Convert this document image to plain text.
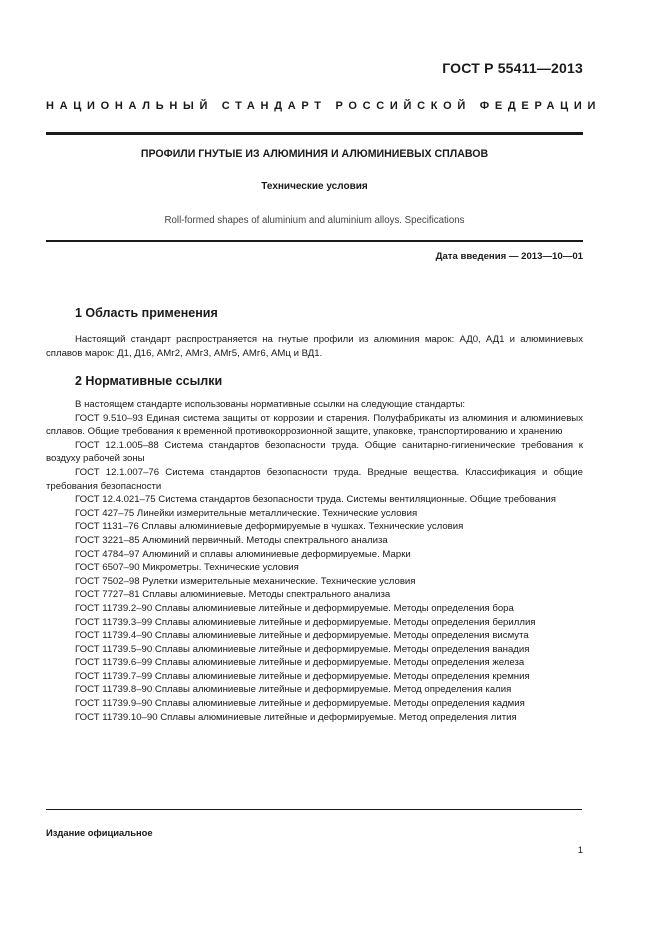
ГОСТ Р 55411—2013
НАЦИОНАЛЬНЫЙ СТАНДАРТ РОССИЙСКОЙ ФЕДЕРАЦИИ
ПРОФИЛИ ГНУТЫЕ ИЗ АЛЮМИНИЯ И АЛЮМИНИЕВЫХ СПЛАВОВ
Технические условия
Roll-formed shapes of aluminium and aluminium alloys. Specifications
Дата введения — 2013—10—01
1 Область применения

Настоящий стандарт распространяется на гнутые профили из алюминия марок: АД0, АД1 и алюминиевых сплавов марок: Д1, Д16, АМг2, АМг3, АМг5, АМг6, АМц и ВД1.

2 Нормативные ссылки

В настоящем стандарте использованы нормативные ссылки на следующие стандарты:

ГОСТ 9.510–93 Единая система защиты от коррозии и старения. Полуфабрикаты из алюминия и алюминиевых сплавов. Общие требования к временной противокоррозионной защите, упаковке, транспортированию и хранению

ГОСТ 12.1.005–88 Система стандартов безопасности труда. Общие санитарно-гигиенические требования к воздуху рабочей зоны

ГОСТ 12.1.007–76 Система стандартов безопасности труда. Вредные вещества. Классификация и общие требования безопасности

ГОСТ 12.4.021–75 Система стандартов безопасности труда. Системы вентиляционные. Общие требования

ГОСТ 427–75 Линейки измерительные металлические. Технические условия

ГОСТ 1131–76 Сплавы алюминиевые деформируемые в чушках. Технические условия

ГОСТ 3221–85 Алюминий первичный. Методы спектрального анализа

ГОСТ 4784–97 Алюминий и сплавы алюминиевые деформируемые. Марки

ГОСТ 6507–90 Микрометры. Технические условия

ГОСТ 7502–98 Рулетки измерительные механические. Технические условия

ГОСТ 7727–81 Сплавы алюминиевые. Методы спектрального анализа

ГОСТ 11739.2–90 Сплавы алюминиевые литейные и деформируемые. Методы определения бора

ГОСТ 11739.3–99 Сплавы алюминиевые литейные и деформируемые. Методы определения бериллия

ГОСТ 11739.4–90 Сплавы алюминиевые литейные и деформируемые. Методы определения висмута

ГОСТ 11739.5–90 Сплавы алюминиевые литейные и деформируемые. Методы определения ванадия

ГОСТ 11739.6–99 Сплавы алюминиевые литейные и деформируемые. Методы определения железа

ГОСТ 11739.7–99 Сплавы алюминиевые литейные и деформируемые. Методы определения кремния

ГОСТ 11739.8–90 Сплавы алюминиевые литейные и деформируемые. Метод определения калия

ГОСТ 11739.9–90 Сплавы алюминиевые литейные и деформируемые. Методы определения кадмия

ГОСТ 11739.10–90 Сплавы алюминиевые литейные и деформируемые. Метод определения лития

Издание официальное
1
